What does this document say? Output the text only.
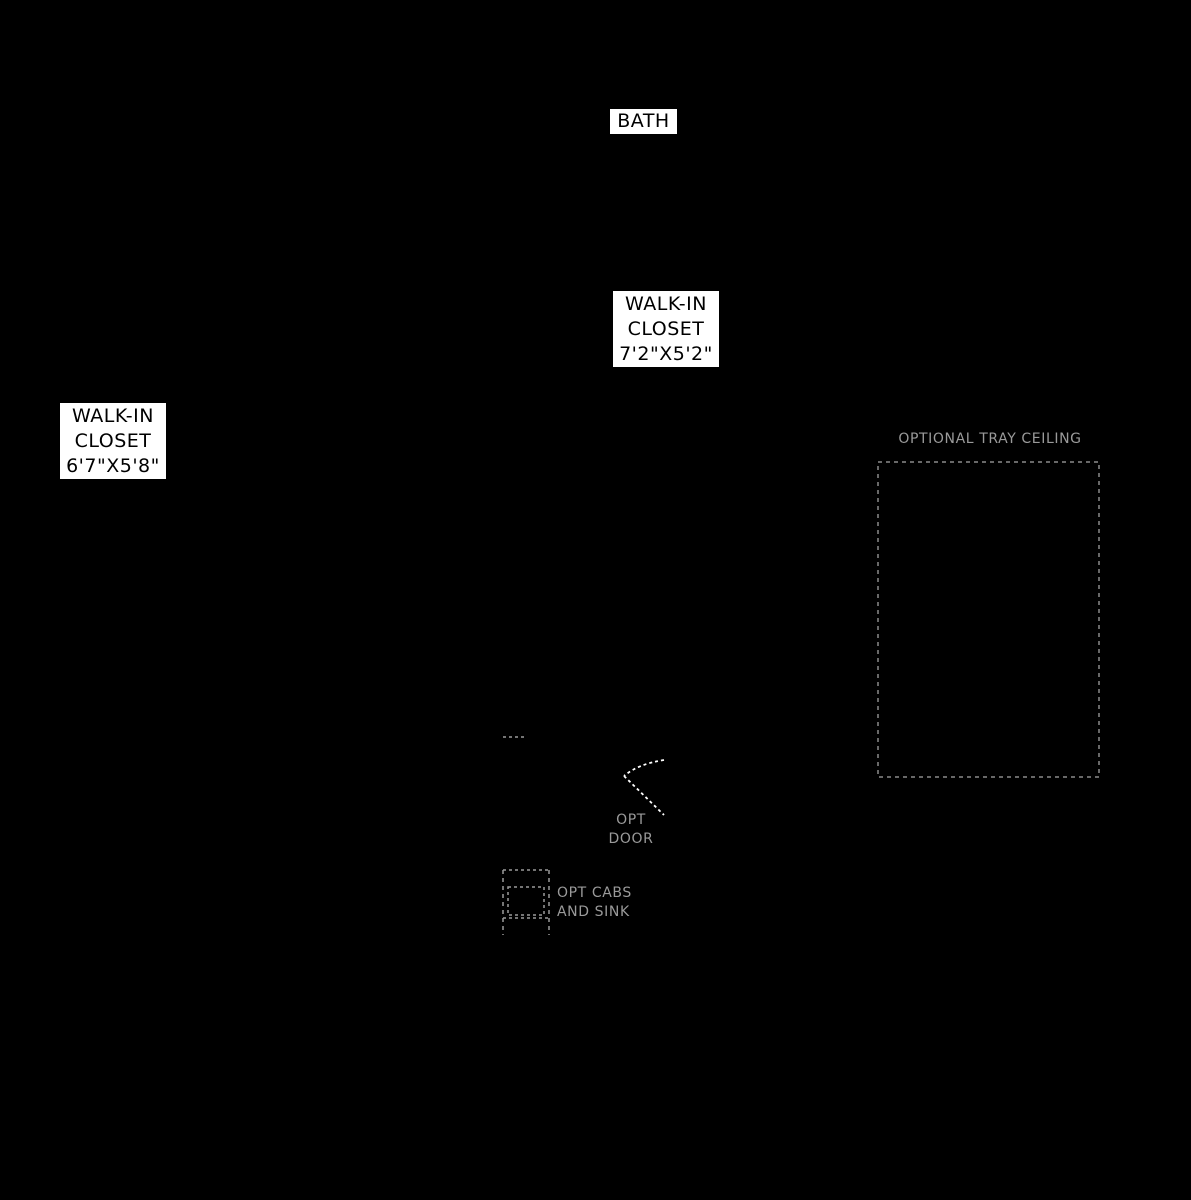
BATH
WALK-IN
CLOSET
7'2"X5'2"
WALK-IN
CLOSET
6'7"X5'8"
OPTIONAL TRAY CEILING
OPT
DOOR
OPT CABS
AND SINK
